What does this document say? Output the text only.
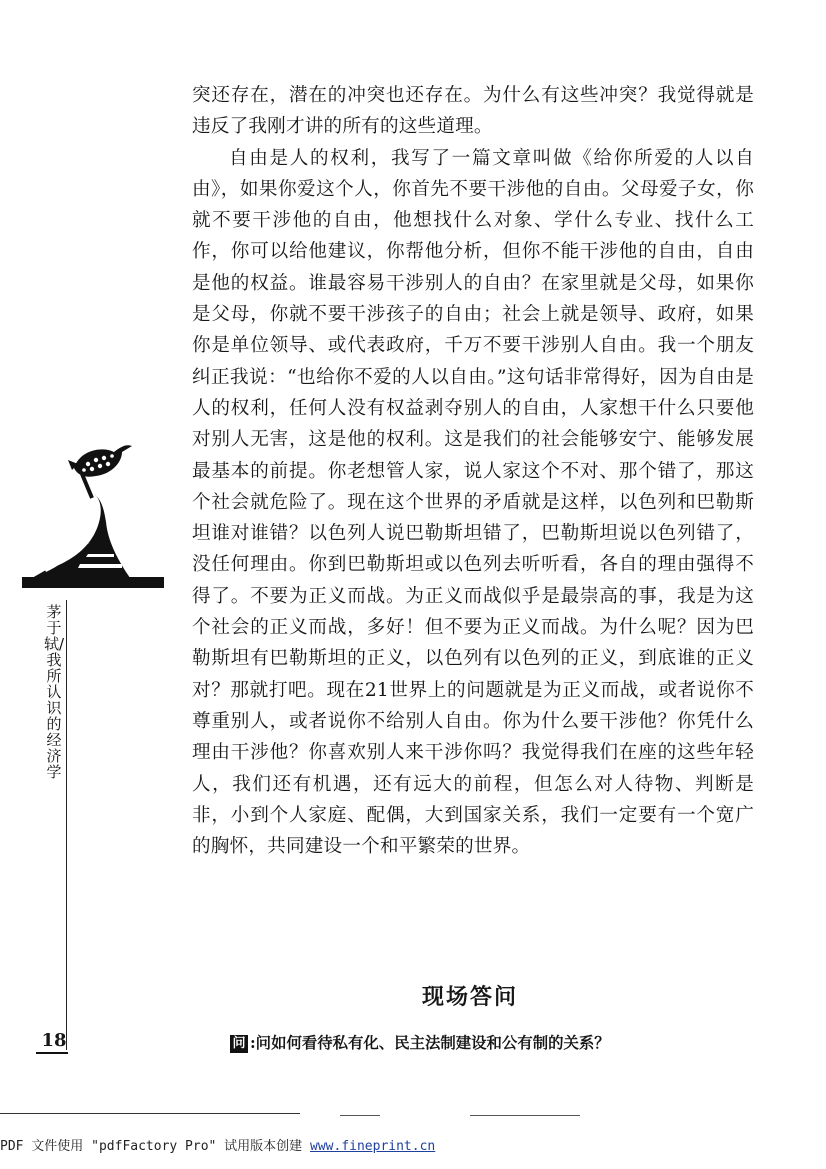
突还存在，潜在的冲突也还存在。为什么有这些冲突？我觉得就是违反了我刚才讲的所有的这些道理。

自由是人的权利，我写了一篇文章叫做《给你所爱的人以自由》，如果你爱这个人，你首先不要干涉他的自由。父母爱子女，你就不要干涉他的自由，他想找什么对象、学什么专业、找什么工作，你可以给他建议，你帮他分析，但你不能干涉他的自由，自由是他的权益。谁最容易干涉别人的自由？在家里就是父母，如果你是父母，你就不要干涉孩子的自由；社会上就是领导、政府，如果你是单位领导、或代表政府，千万不要干涉别人自由。我一个朋友纠正我说：“也给你不爱的人以自由。”这句话非常得好，因为自由是人的权利，任何人没有权益剥夺别人的自由，人家想干什么只要他对别人无害，这是他的权利。这是我们的社会能够安宁、能够发展最基本的前提。你老想管人家，说人家这个不对、那个错了，那这个社会就危险了。现在这个世界的矛盾就是这样，以色列和巴勒斯坦谁对谁错？以色列人说巴勒斯坦错了，巴勒斯坦说以色列错了，没任何理由。你到巴勒斯坦或以色列去听听看，各自的理由强得不得了。不要为正义而战。为正义而战似乎是最崇高的事，我是为这个社会的正义而战，多好！但不要为正义而战。为什么呢？因为巴勒斯坦有巴勒斯坦的正义，以色列有以色列的正义，到底谁的正义对？那就打吧。现在21世界上的问题就是为正义而战，或者说你不尊重别人，或者说你不给别人自由。你为什么要干涉他？你凭什么理由干涉他？你喜欢别人来干涉你吗？我觉得我们在座的这些年轻人，我们还有机遇，还有远大的前程，但怎么对人待物、判断是非，小到个人家庭、配偶，大到国家关系，我们一定要有一个宽广的胸怀，共同建设一个和平繁荣的世界。

茅于轼/我所认识的经济学
18
现场答问
问 :问如何看待私有化、民主法制建设和公有制的关系？
PDF 文件使用 "pdfFactory Pro" 试用版本创建 www.fineprint.cn
